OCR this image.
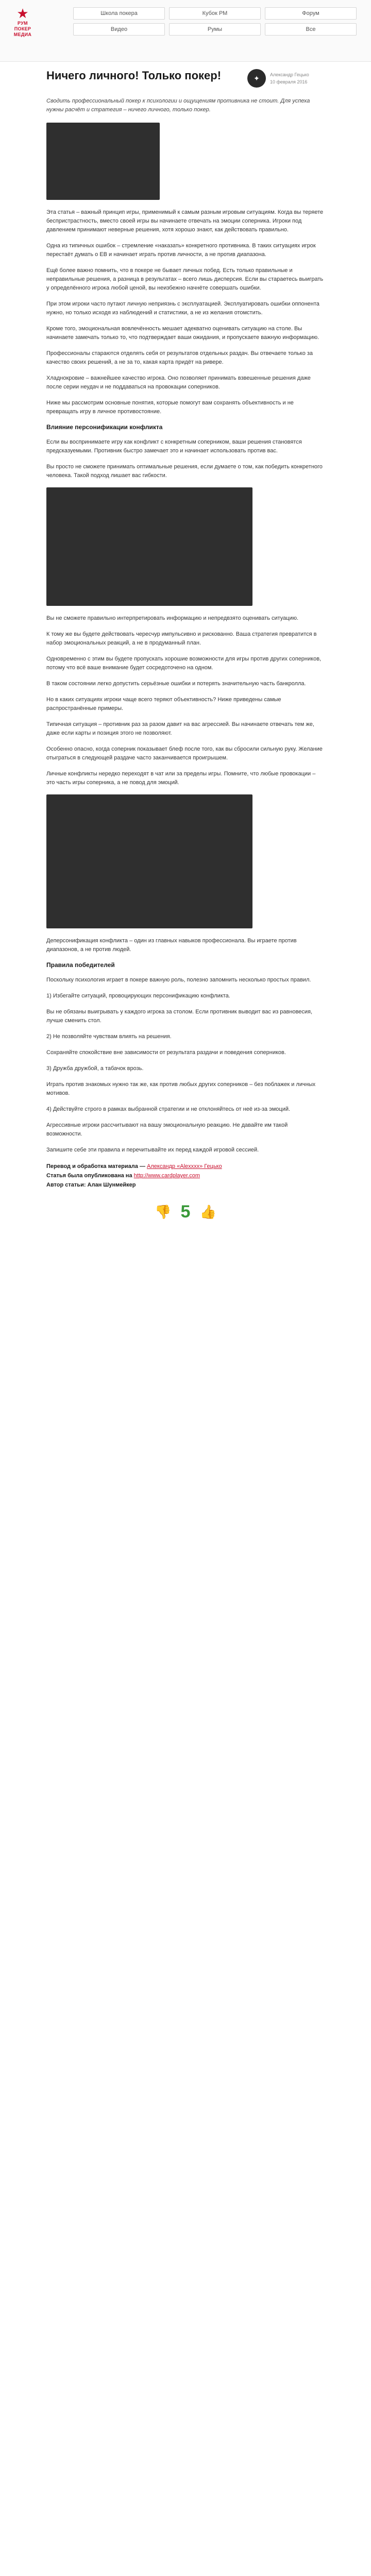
★
РУМ
ПОКЕР
МЕДИА
Школа покера	Кубок РМ	Форум
Видео	Румы	Все
Ничего личного! Только покер!	✦	Александр Гецько
10 февраля 2016

Сводить профессиональный покер к психологии и ощущениям противника не стоит. Для успеха нужны расчёт и стратегия – ничего личного, только покер.

Эта статья – важный принцип игры, применимый к самым разным игровым ситуациям. Когда вы теряете беспристрастность, вместо своей игры вы начинаете отвечать на эмоции соперника. Игроки под давлением принимают неверные решения, хотя хорошо знают, как действовать правильно.

Одна из типичных ошибок – стремление «наказать» конкретного противника. В таких ситуациях игрок перестаёт думать о ЕВ и начинает играть против личности, а не против диапазона.

Ещё более важно помнить, что в покере не бывает личных побед. Есть только правильные и неправильные решения, а разница в результатах – всего лишь дисперсия. Если вы стараетесь выиграть у определённого игрока любой ценой, вы неизбежно начнёте совершать ошибки.

При этом игроки часто путают личную неприязнь с эксплуатацией. Эксплуатировать ошибки оппонента нужно, но только исходя из наблюдений и статистики, а не из желания отомстить.

Кроме того, эмоциональная вовлечённость мешает адекватно оценивать ситуацию на столе. Вы начинаете замечать только то, что подтверждает ваши ожидания, и пропускаете важную информацию.

Профессионалы стараются отделять себя от результатов отдельных раздач. Вы отвечаете только за качество своих решений, а не за то, какая карта придёт на ривере.

Хладнокровие – важнейшее качество игрока. Оно позволяет принимать взвешенные решения даже после серии неудач и не поддаваться на провокации соперников.

Ниже мы рассмотрим основные понятия, которые помогут вам сохранять объективность и не превращать игру в личное противостояние.

Влияние персонификации конфликта

Если вы воспринимаете игру как конфликт с конкретным соперником, ваши решения становятся предсказуемыми. Противник быстро замечает это и начинает использовать против вас.

Вы просто не сможете принимать оптимальные решения, если думаете о том, как победить конкретного человека. Такой подход лишает вас гибкости.

Вы не сможете правильно интерпретировать информацию и непредвзято оценивать ситуацию.

К тому же вы будете действовать чересчур импульсивно и рискованно. Ваша стратегия превратится в набор эмоциональных реакций, а не в продуманный план.

Одновременно с этим вы будете пропускать хорошие возможности для игры против других соперников, потому что всё ваше внимание будет сосредоточено на одном.

В таком состоянии легко допустить серьёзные ошибки и потерять значительную часть банкролла.

Но в каких ситуациях игроки чаще всего теряют объективность? Ниже приведены самые распространённые примеры.

Типичная ситуация – противник раз за разом давит на вас агрессией. Вы начинаете отвечать тем же, даже если карты и позиция этого не позволяют.

Особенно опасно, когда соперник показывает блеф после того, как вы сбросили сильную руку. Желание отыграться в следующей раздаче часто заканчивается проигрышем.

Личные конфликты нередко переходят в чат или за пределы игры. Помните, что любые провокации – это часть игры соперника, а не повод для эмоций.

Деперсонификация конфликта – один из главных навыков профессионала. Вы играете против диапазонов, а не против людей.

Правила победителей

Поскольку психология играет в покере важную роль, полезно запомнить несколько простых правил.

1) Избегайте ситуаций, провоцирующих персонификацию конфликта.
Вы не обязаны выигрывать у каждого игрока за столом. Если противник выводит вас из равновесия, лучше сменить стол.
2) Не позволяйте чувствам влиять на решения.
Сохраняйте спокойствие вне зависимости от результата раздачи и поведения соперников.
3) Дружба дружбой, а табачок врозь.
Играть против знакомых нужно так же, как против любых других соперников – без поблажек и личных мотивов.
4) Действуйте строго в рамках выбранной стратегии и не отклоняйтесь от неё из-за эмоций.
Агрессивные игроки рассчитывают на вашу эмоциональную реакцию. Не давайте им такой возможности.

Запишите себе эти правила и перечитывайте их перед каждой игровой сессией.

Перевод и обработка материала — Александр «Alexxxx» Гецько
Статья была опубликована на http://www.cardplayer.com
Автор статьи: Алан Шунмейкер
👎 5 👍
